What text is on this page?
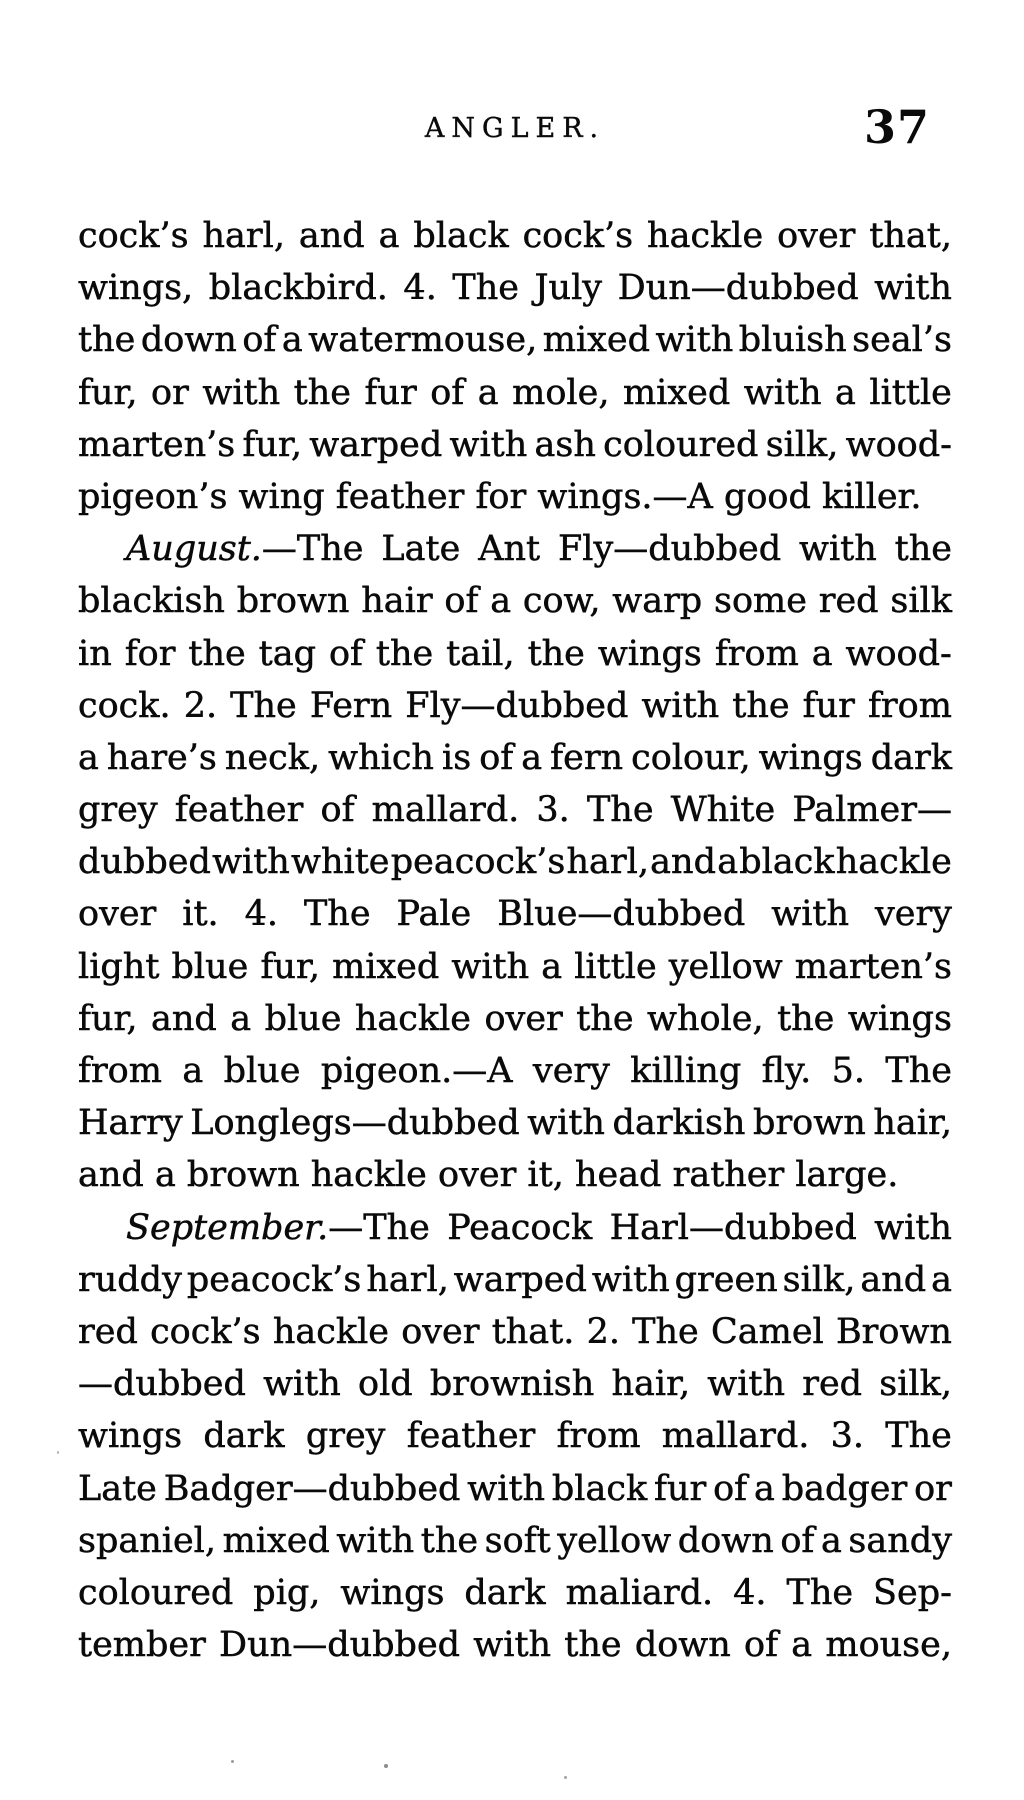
ANGLER.	37
cock’s harl, and a black cock’s hackle over that,
wings, blackbird. 4. The July Dun—dubbed with
the down of a watermouse, mixed with bluish seal’s
fur, or with the fur of a mole, mixed with a little
marten’s fur, warped with ash coloured silk, wood-
pigeon’s wing feather for wings.—A good killer.
August.—The Late Ant Fly—dubbed with the
blackish brown hair of a cow, warp some red silk
in for the tag of the tail, the wings from a wood-
cock. 2. The Fern Fly—dubbed with the fur from
a hare’s neck, which is of a fern colour, wings dark
grey feather of mallard. 3. The White Palmer—
dubbed with white peacock’s harl, and a black hackle
over it. 4. The Pale Blue—dubbed with very
light blue fur, mixed with a little yellow marten’s
fur, and a blue hackle over the whole, the wings
from a blue pigeon.—A very killing fly. 5. The
Harry Longlegs—dubbed with darkish brown hair,
and a brown hackle over it, head rather large.
September.—The Peacock Harl—dubbed with
ruddy peacock’s harl, warped with green silk, and a
red cock’s hackle over that. 2. The Camel Brown
—dubbed with old brownish hair, with red silk,
wings dark grey feather from mallard. 3. The
Late Badger—dubbed with black fur of a badger or
spaniel, mixed with the soft yellow down of a sandy
coloured pig, wings dark maliard. 4. The Sep-
tember Dun—dubbed with the down of a mouse,
